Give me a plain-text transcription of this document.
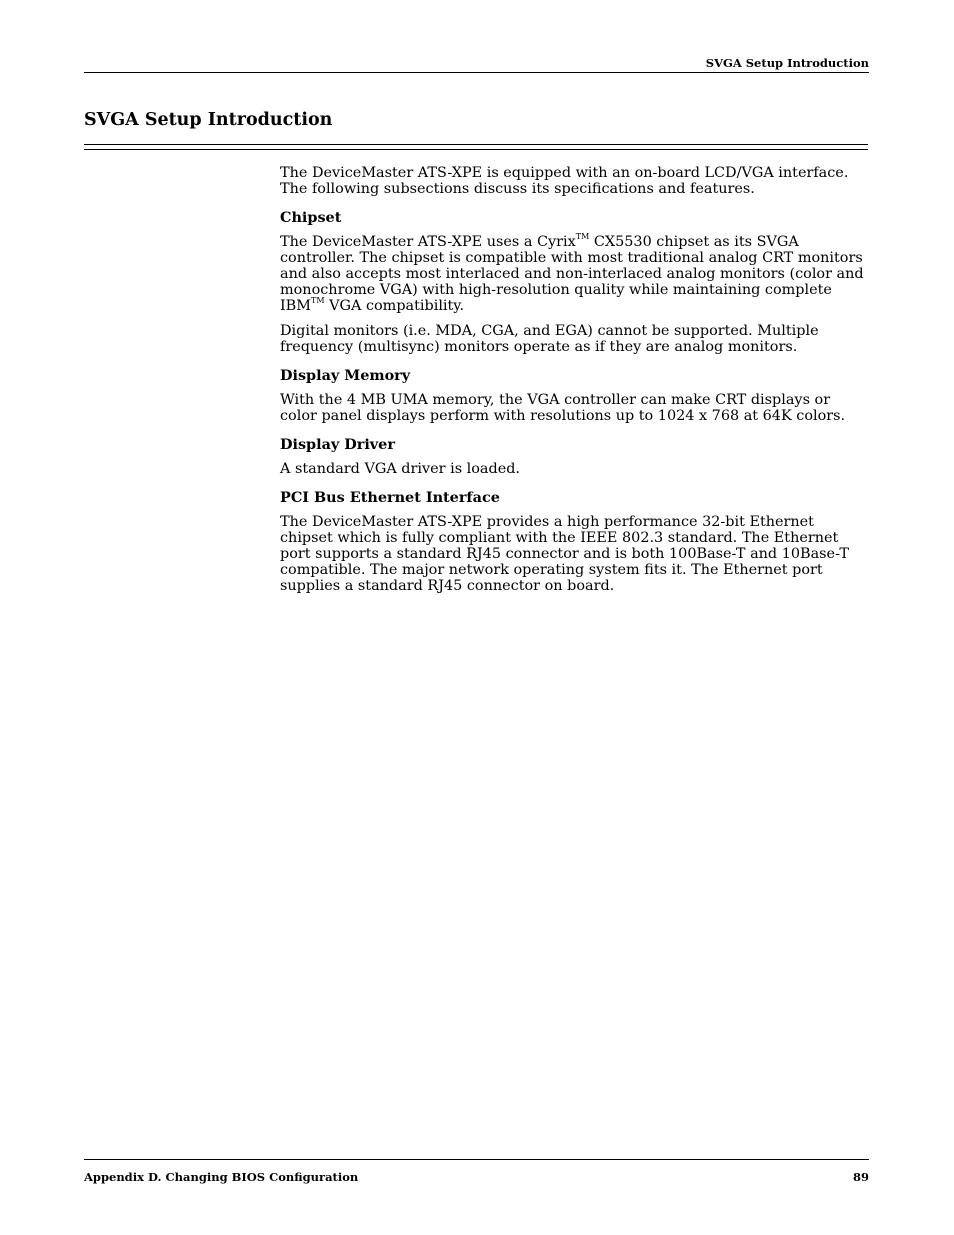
SVGA Setup Introduction
SVGA Setup Introduction

The DeviceMaster ATS-XPE is equipped with an on-board LCD/VGA interface. The following subsections discuss its specifications and features.

Chipset

The DeviceMaster ATS-XPE uses a Cyrix™ CX5530 chipset as its SVGA controller. The chipset is compatible with most traditional analog CRT monitors and also accepts most interlaced and non-interlaced analog monitors (color and monochrome VGA) with high-resolution quality while maintaining complete IBM™ VGA compatibility.

Digital monitors (i.e. MDA, CGA, and EGA) cannot be supported. Multiple frequency (multisync) monitors operate as if they are analog monitors.

Display Memory

With the 4 MB UMA memory, the VGA controller can make CRT displays or color panel displays perform with resolutions up to 1024 x 768 at 64K colors.

Display Driver

A standard VGA driver is loaded.

PCI Bus Ethernet Interface

The DeviceMaster ATS-XPE provides a high performance 32-bit Ethernet chipset which is fully compliant with the IEEE 802.3 standard. The Ethernet port supports a standard RJ45 connector and is both 100Base-T and 10Base-T compatible. The major network operating system fits it. The Ethernet port supplies a standard RJ45 connector on board.

Appendix D. Changing BIOS Configuration	89
